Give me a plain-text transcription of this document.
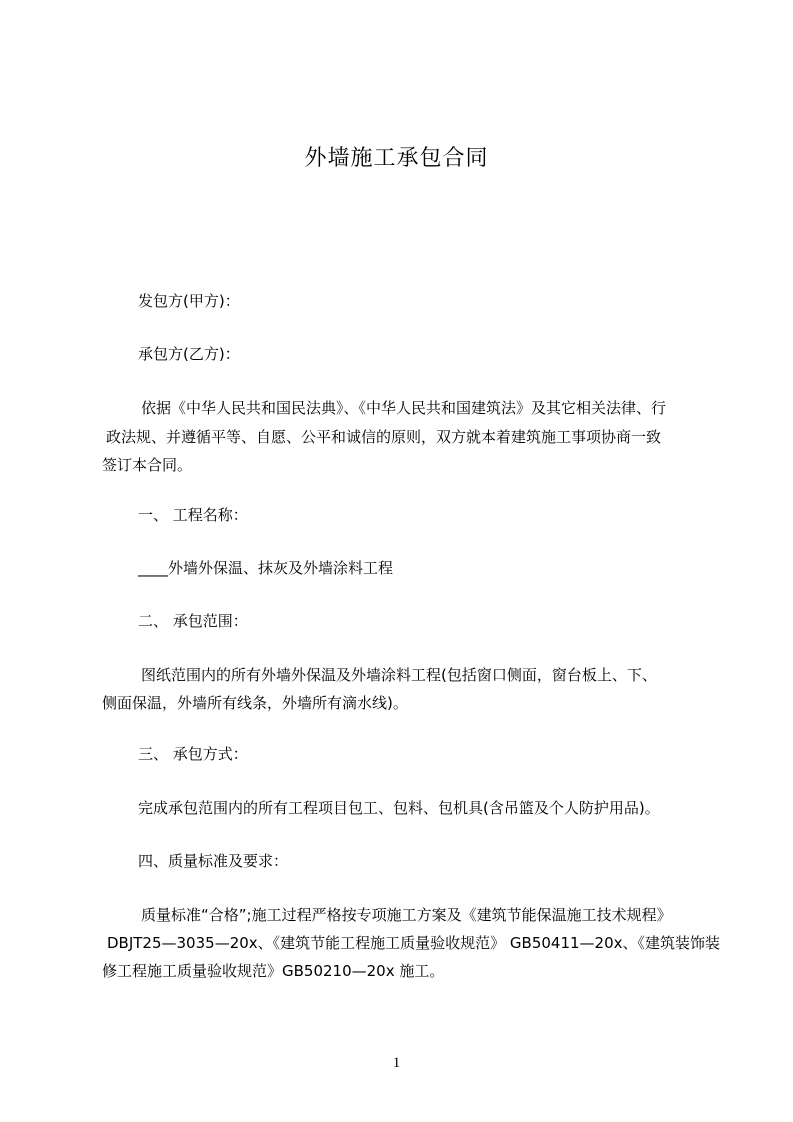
外墙施工承包合同
发包方(甲方)：
承包方(乙方)：
依据《中华人民共和国民法典》、《中华人民共和国建筑法》及其它相关法律、行
政法规、并遵循平等、自愿、公平和诚信的原则，双方就本着建筑施工事项协商一致
签订本合同。
一、 工程名称：
____外墙外保温、抹灰及外墙涂料工程
二、 承包范围：
图纸范围内的所有外墙外保温及外墙涂料工程(包括窗口侧面，窗台板上、下、
侧面保温，外墙所有线条，外墙所有滴水线)。
三、 承包方式：
完成承包范围内的所有工程项目包工、包料、包机具(含吊篮及个人防护用品)。
四、质量标准及要求：
质量标准“合格”;施工过程严格按专项施工方案及《建筑节能保温施工技术规程》
DBJT25—3035—20x、《建筑节能工程施工质量验收规范》 GB50411—20x、《建筑装饰装
修工程施工质量验收规范》GB50210—20x 施工。
1
